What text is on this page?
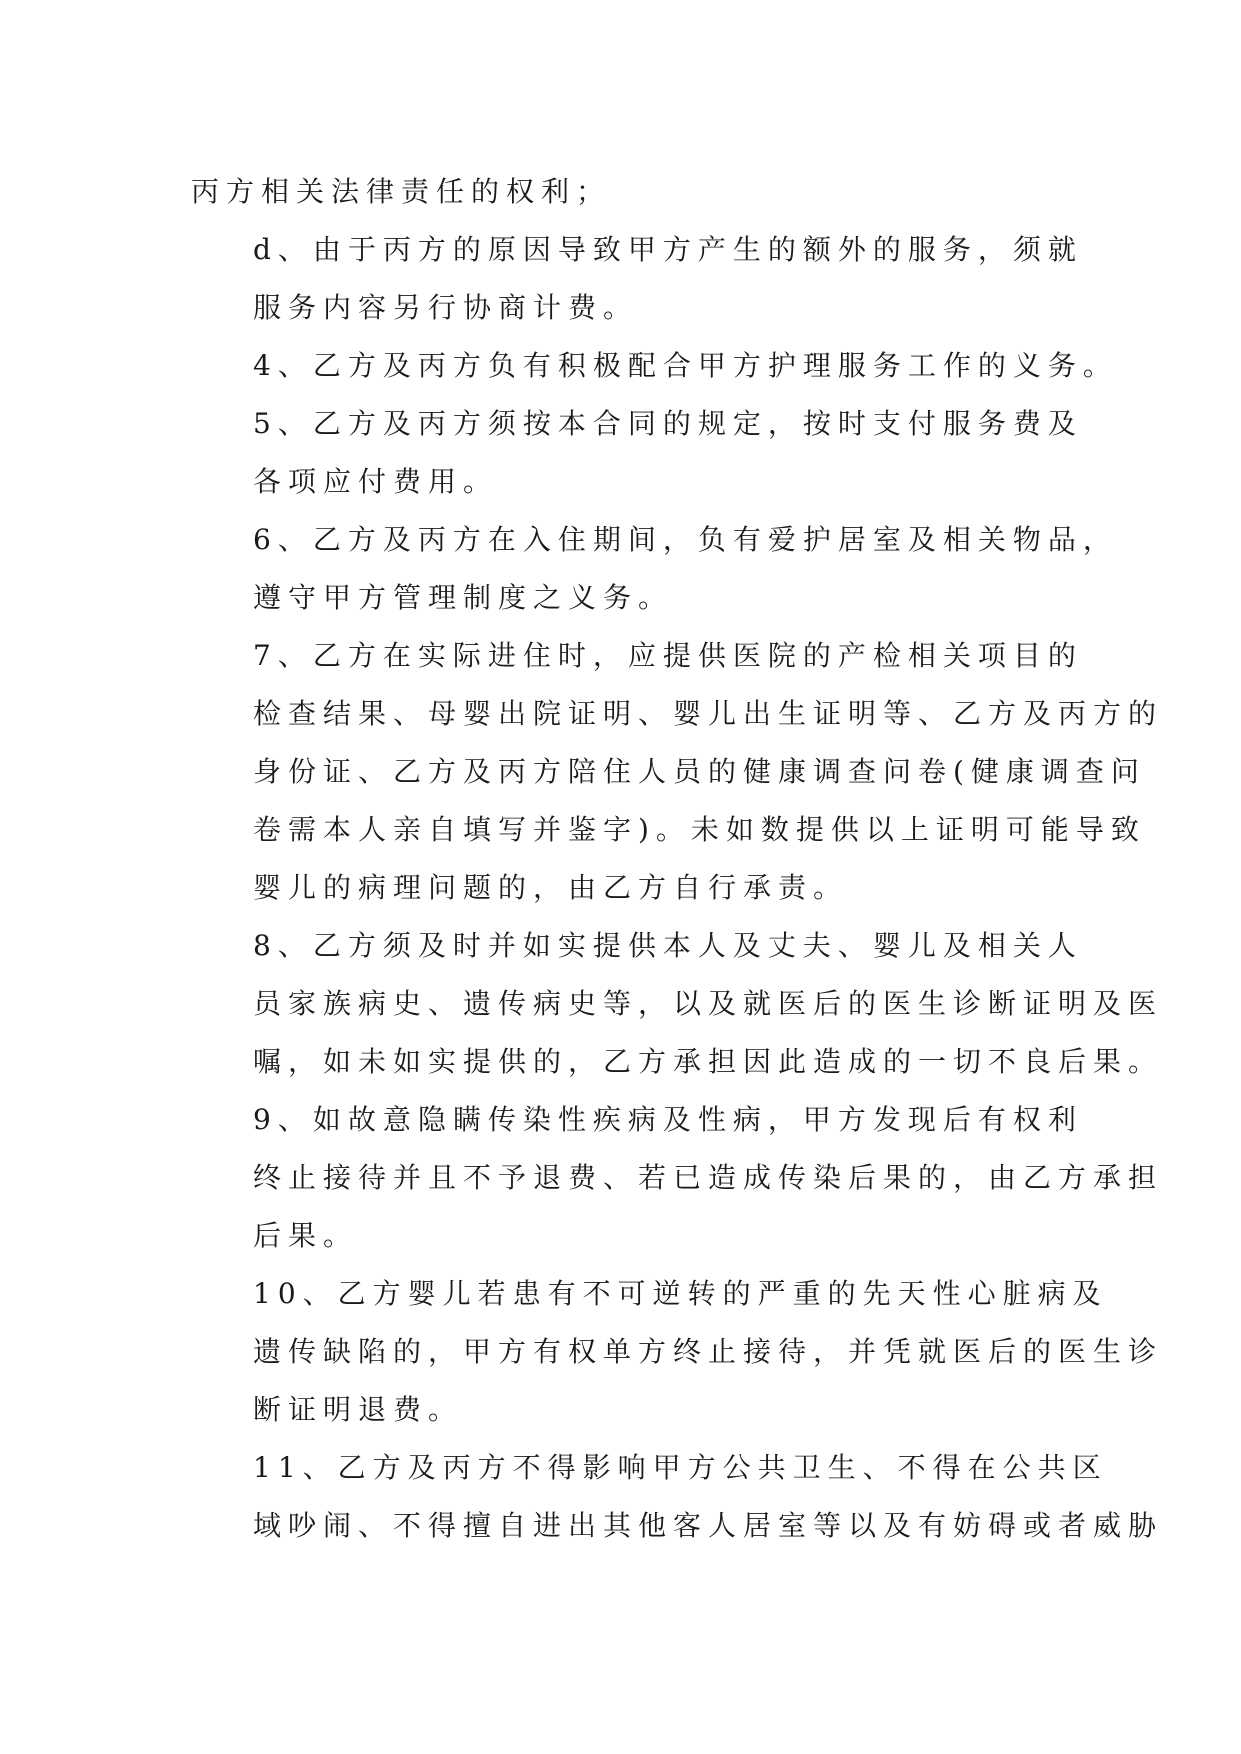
丙方相关法律责任的权利；

d、由于丙方的原因导致甲方产生的额外的服务，须就
服务内容另行协商计费。

4、乙方及丙方负有积极配合甲方护理服务工作的义务。

5、乙方及丙方须按本合同的规定，按时支付服务费及
各项应付费用。

6、乙方及丙方在入住期间，负有爱护居室及相关物品，
遵守甲方管理制度之义务。

7、乙方在实际进住时，应提供医院的产检相关项目的
检查结果、母婴出院证明、婴儿出生证明等、乙方及丙方的
身份证、乙方及丙方陪住人员的健康调查问卷(健康调查问
卷需本人亲自填写并鉴字)。未如数提供以上证明可能导致
婴儿的病理问题的，由乙方自行承责。

8、乙方须及时并如实提供本人及丈夫、婴儿及相关人
员家族病史、遗传病史等，以及就医后的医生诊断证明及医
嘱，如未如实提供的，乙方承担因此造成的一切不良后果。

9、如故意隐瞒传染性疾病及性病，甲方发现后有权利
终止接待并且不予退费、若已造成传染后果的，由乙方承担
后果。

10、乙方婴儿若患有不可逆转的严重的先天性心脏病及
遗传缺陷的，甲方有权单方终止接待，并凭就医后的医生诊
断证明退费。

11、乙方及丙方不得影响甲方公共卫生、不得在公共区
域吵闹、不得擅自进出其他客人居室等以及有妨碍或者威胁
